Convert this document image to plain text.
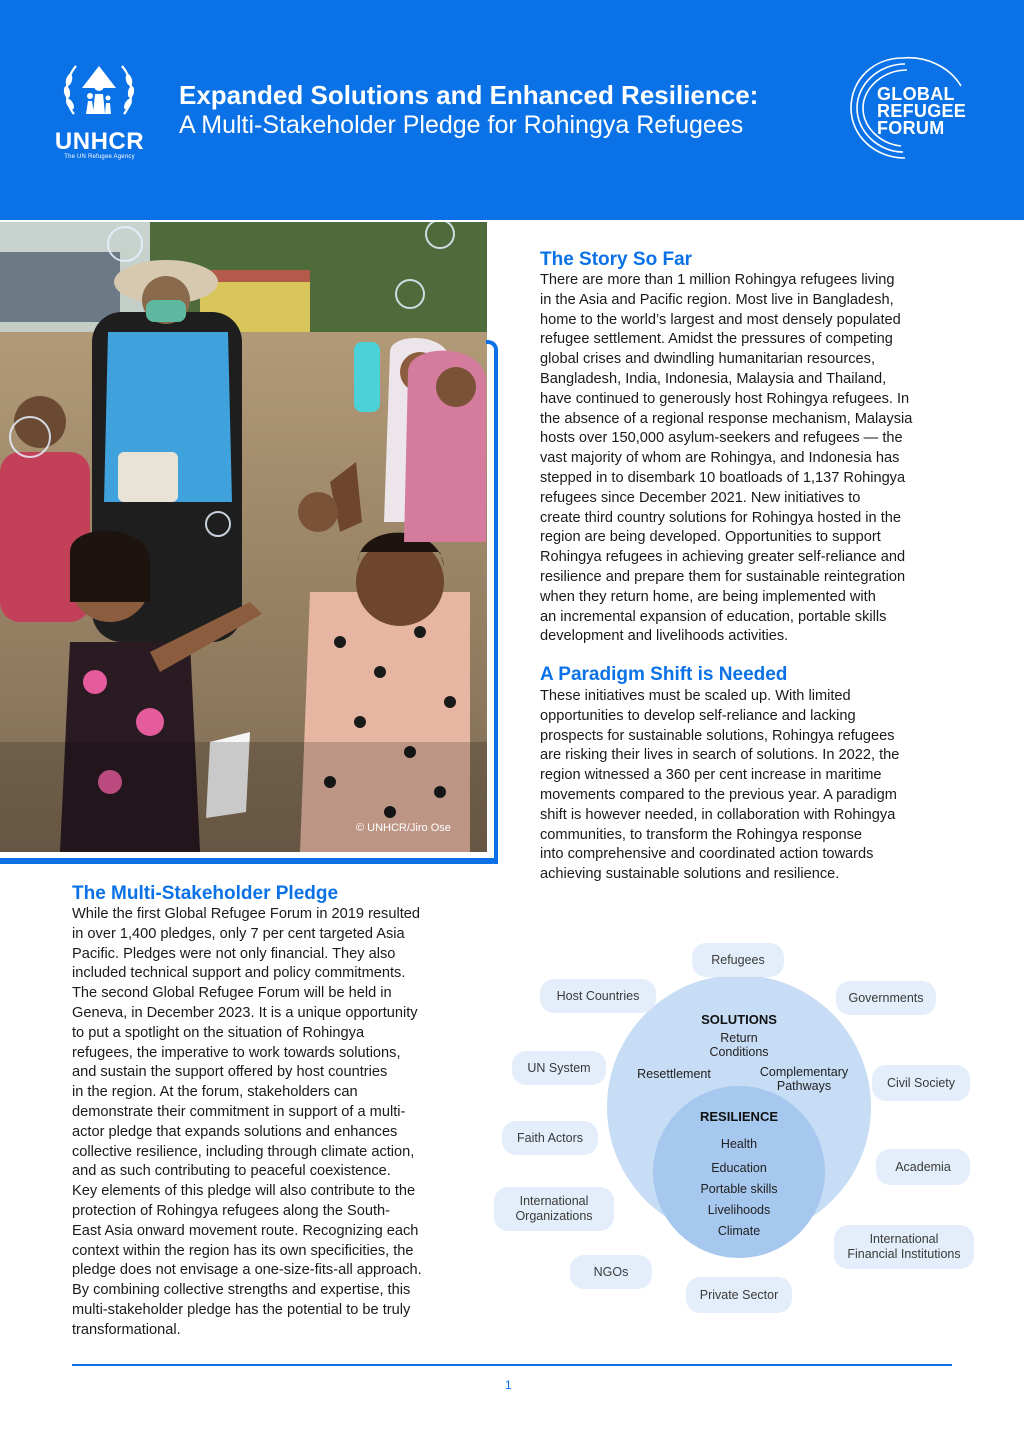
UNHCR
The UN Refugee Agency
Expanded Solutions and Enhanced Resilience:
A Multi-Stakeholder Pledge for Rohingya Refugees
GLOBAL
REFUGEE
FORUM
© UNHCR/Jiro Ose
The Story So Far
There are more than 1 million Rohingya refugees living
in the Asia and Pacific region. Most live in Bangladesh,
home to the world’s largest and most densely populated
refugee settlement. Amidst the pressures of competing
global crises and dwindling humanitarian resources,
Bangladesh, India, Indonesia, Malaysia and Thailand,
have continued to generously host Rohingya refugees. In
the absence of a regional response mechanism, Malaysia
hosts over 150,000 asylum-seekers and refugees — the
vast majority of whom are Rohingya, and Indonesia has
stepped in to disembark 10 boatloads of 1,137 Rohingya
refugees since December 2021. New initiatives to
create third country solutions for Rohingya hosted in the
region are being developed. Opportunities to support
Rohingya refugees in achieving greater self-reliance and
resilience and prepare them for sustainable reintegration
when they return home, are being implemented with
an incremental expansion of education, portable skills
development and livelihoods activities.
A Paradigm Shift is Needed
These initiatives must be scaled up. With limited
opportunities to develop self-reliance and lacking
prospects for sustainable solutions, Rohingya refugees
are risking their lives in search of solutions. In 2022, the
region witnessed a 360 per cent increase in maritime
movements compared to the previous year. A paradigm
shift is however needed, in collaboration with Rohingya
communities, to transform the Rohingya response
into comprehensive and coordinated action towards
achieving sustainable solutions and resilience.
The Multi-Stakeholder Pledge
While the first Global Refugee Forum in 2019 resulted
in over 1,400 pledges, only 7 per cent targeted Asia
Pacific. Pledges were not only financial. They also
included technical support and policy commitments.
The second Global Refugee Forum will be held in
Geneva, in December 2023. It is a unique opportunity
to put a spotlight on the situation of Rohingya
refugees, the imperative to work towards solutions,
and sustain the support offered by host countries
in the region. At the forum, stakeholders can
demonstrate their commitment in support of a multi-
actor pledge that expands solutions and enhances
collective resilience, including through climate action,
and as such contributing to peaceful coexistence.
Key elements of this pledge will also contribute to the
protection of Rohingya refugees along the South-
East Asia onward movement route. Recognizing each
context within the region has its own specificities, the
pledge does not envisage a one-size-fits-all approach.
By combining collective strengths and expertise, this
multi-stakeholder pledge has the potential to be truly
transformational.
SOLUTIONS
Return
Conditions
Resettlement	Complementary
Pathways
RESILIENCE
Health
Education
Portable skills
Livelihoods
Climate
Refugees
Host Countries	Governments
UN System
Civil Society
Faith Actors
Academia
International
Organizations
International
Financial Institutions
NGOs
Private Sector
1
